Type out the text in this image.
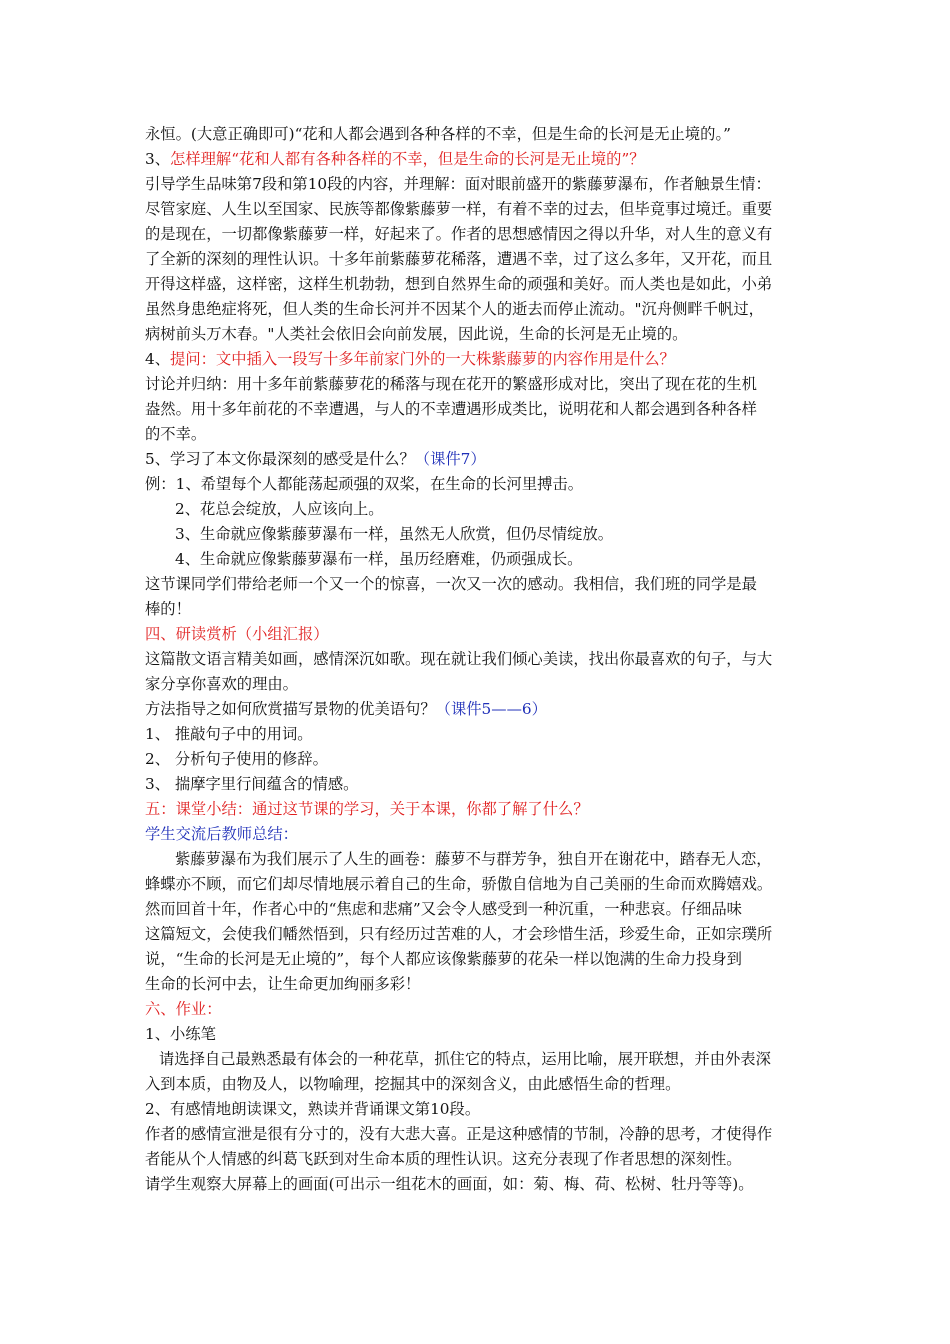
永恒。(大意正确即可)“花和人都会遇到各种各样的不幸，但是生命的长河是无止境的。”
3、怎样理解“花和人都有各种各样的不幸，但是生命的长河是无止境的”？
引导学生品味第7段和第10段的内容，并理解：面对眼前盛开的紫藤萝瀑布，作者触景生情：
尽管家庭、人生以至国家、民族等都像紫藤萝一样，有着不幸的过去，但毕竟事过境迁。重要
的是现在，一切都像紫藤萝一样，好起来了。作者的思想感情因之得以升华，对人生的意义有
了全新的深刻的理性认识。十多年前紫藤萝花稀落，遭遇不幸，过了这么多年，又开花，而且
开得这样盛，这样密，这样生机勃勃，想到自然界生命的顽强和美好。而人类也是如此，小弟
虽然身患绝症将死，但人类的生命长河并不因某个人的逝去而停止流动。"沉舟侧畔千帆过，
病树前头万木春。"人类社会依旧会向前发展，因此说，生命的长河是无止境的。
4、提问：文中插入一段写十多年前家门外的一大株紫藤萝的内容作用是什么？
讨论并归纳：用十多年前紫藤萝花的稀落与现在花开的繁盛形成对比，突出了现在花的生机
盎然。用十多年前花的不幸遭遇，与人的不幸遭遇形成类比，说明花和人都会遇到各种各样
的不幸。
5、学习了本文你最深刻的感受是什么？（课件7）
例：1、希望每个人都能荡起顽强的双桨，在生命的长河里搏击。
2、花总会绽放，人应该向上。
3、生命就应像紫藤萝瀑布一样，虽然无人欣赏，但仍尽情绽放。
4、生命就应像紫藤萝瀑布一样，虽历经磨难，仍顽强成长。
这节课同学们带给老师一个又一个的惊喜，一次又一次的感动。我相信，我们班的同学是最
棒的！
四、研读赏析（小组汇报）
这篇散文语言精美如画，感情深沉如歌。现在就让我们倾心美读，找出你最喜欢的句子，与大
家分享你喜欢的理由。
方法指导之如何欣赏描写景物的优美语句？（课件5——6）
1、 推敲句子中的用词。
2、 分析句子使用的修辞。
3、 揣摩字里行间蕴含的情感。
五：课堂小结：通过这节课的学习，关于本课，你都了解了什么？
学生交流后教师总结：
紫藤萝瀑布为我们展示了人生的画卷：藤萝不与群芳争，独自开在谢花中，踏春无人恋，
蜂蝶亦不顾，而它们却尽情地展示着自己的生命，骄傲自信地为自己美丽的生命而欢腾嬉戏。
然而回首十年，作者心中的“焦虑和悲痛”又会令人感受到一种沉重，一种悲哀。仔细品味
这篇短文，会使我们幡然悟到，只有经历过苦难的人，才会珍惜生活，珍爱生命，正如宗璞所
说，“生命的长河是无止境的”，每个人都应该像紫藤萝的花朵一样以饱满的生命力投身到
生命的长河中去，让生命更加绚丽多彩！
六、作业：
1、小练笔
请选择自己最熟悉最有体会的一种花草，抓住它的特点，运用比喻，展开联想，并由外表深
入到本质，由物及人，以物喻理，挖掘其中的深刻含义，由此感悟生命的哲理。
2、有感情地朗读课文，熟读并背诵课文第10段。
作者的感情宣泄是很有分寸的，没有大悲大喜。正是这种感情的节制，冷静的思考，才使得作
者能从个人情感的纠葛飞跃到对生命本质的理性认识。这充分表现了作者思想的深刻性。
请学生观察大屏幕上的画面(可出示一组花木的画面，如：菊、梅、荷、松树、牡丹等等)。
